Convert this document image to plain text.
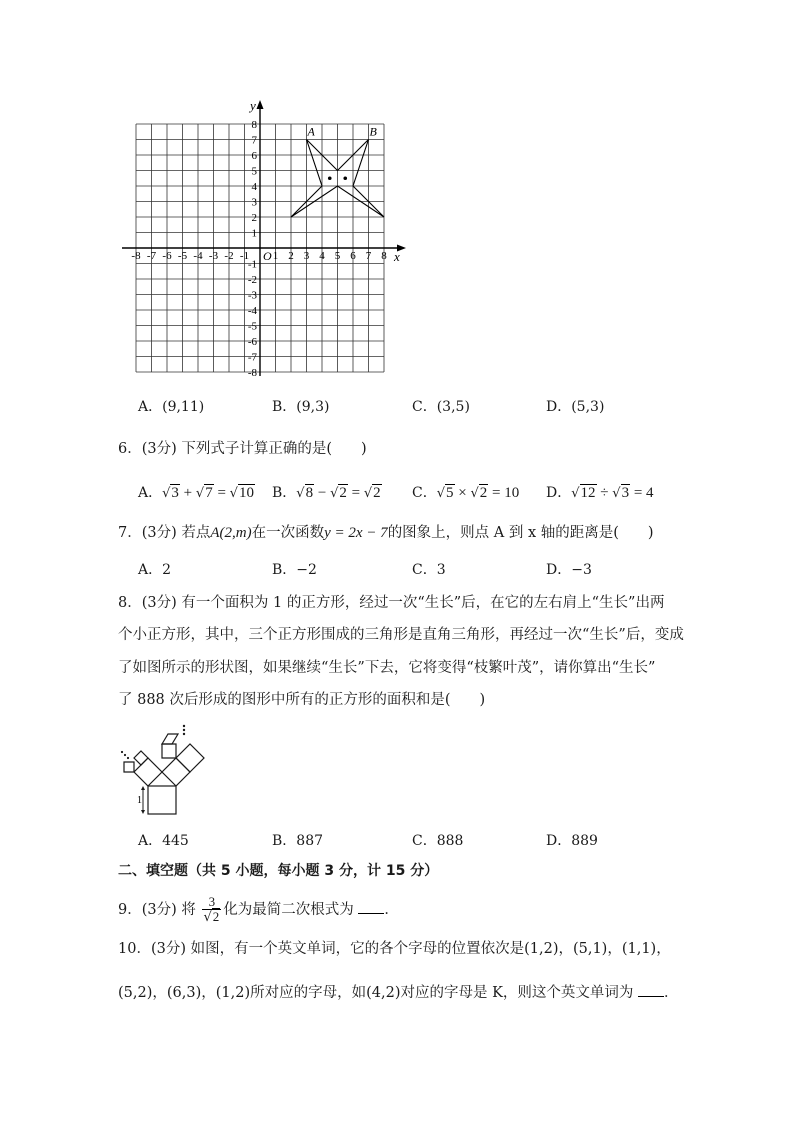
-8 -7 -6 -5 -4 -3 -2 -1 1 2 3 4 5 6 7 8
8
7
6
5
4
3
2
1
-1
-2
-3
-4
-5
-6
-7
-8
x
y
O
A	B
A．(9,11)	B．(9,3)	C．(3,5)	D．(5,3)
6．(3分) 下列式子计算正确的是(　　)
A．√3 + √7 = √10 B．√8 − √2 = √2 C．√5 × √2 = 10 D．√12 ÷ √3 = 4
7．(3分) 若点A(2,m)在一次函数y = 2x − 7的图象上，则点 A 到 x 轴的距离是(　　)
A．2	B．−2	C．3	D．−3
8．(3分) 有一个面积为 1 的正方形，经过一次“生长”后，在它的左右肩上“生长”出两
个小正方形，其中，三个正方形围成的三角形是直角三角形，再经过一次“生长”后，变成
了如图所示的形状图，如果继续“生长”下去，它将变得“枝繁叶茂”，请你算出“生长”
了 888 次后形成的图形中所有的正方形的面积和是(　　)
1
A．445	B．887	C．888	D．889
二、填空题（共 5 小题，每小题 3 分，计 15 分）
9．(3分) 将 $\frac{3}{√2}$ 化为最简二次根式为 ．
10．(3分) 如图，有一个英文单词，它的各个字母的位置依次是(1,2)，(5,1)，(1,1)，
(5,2)，(6,3)，(1,2)所对应的字母，如(4,2)对应的字母是 K，则这个英文单词为 ．
